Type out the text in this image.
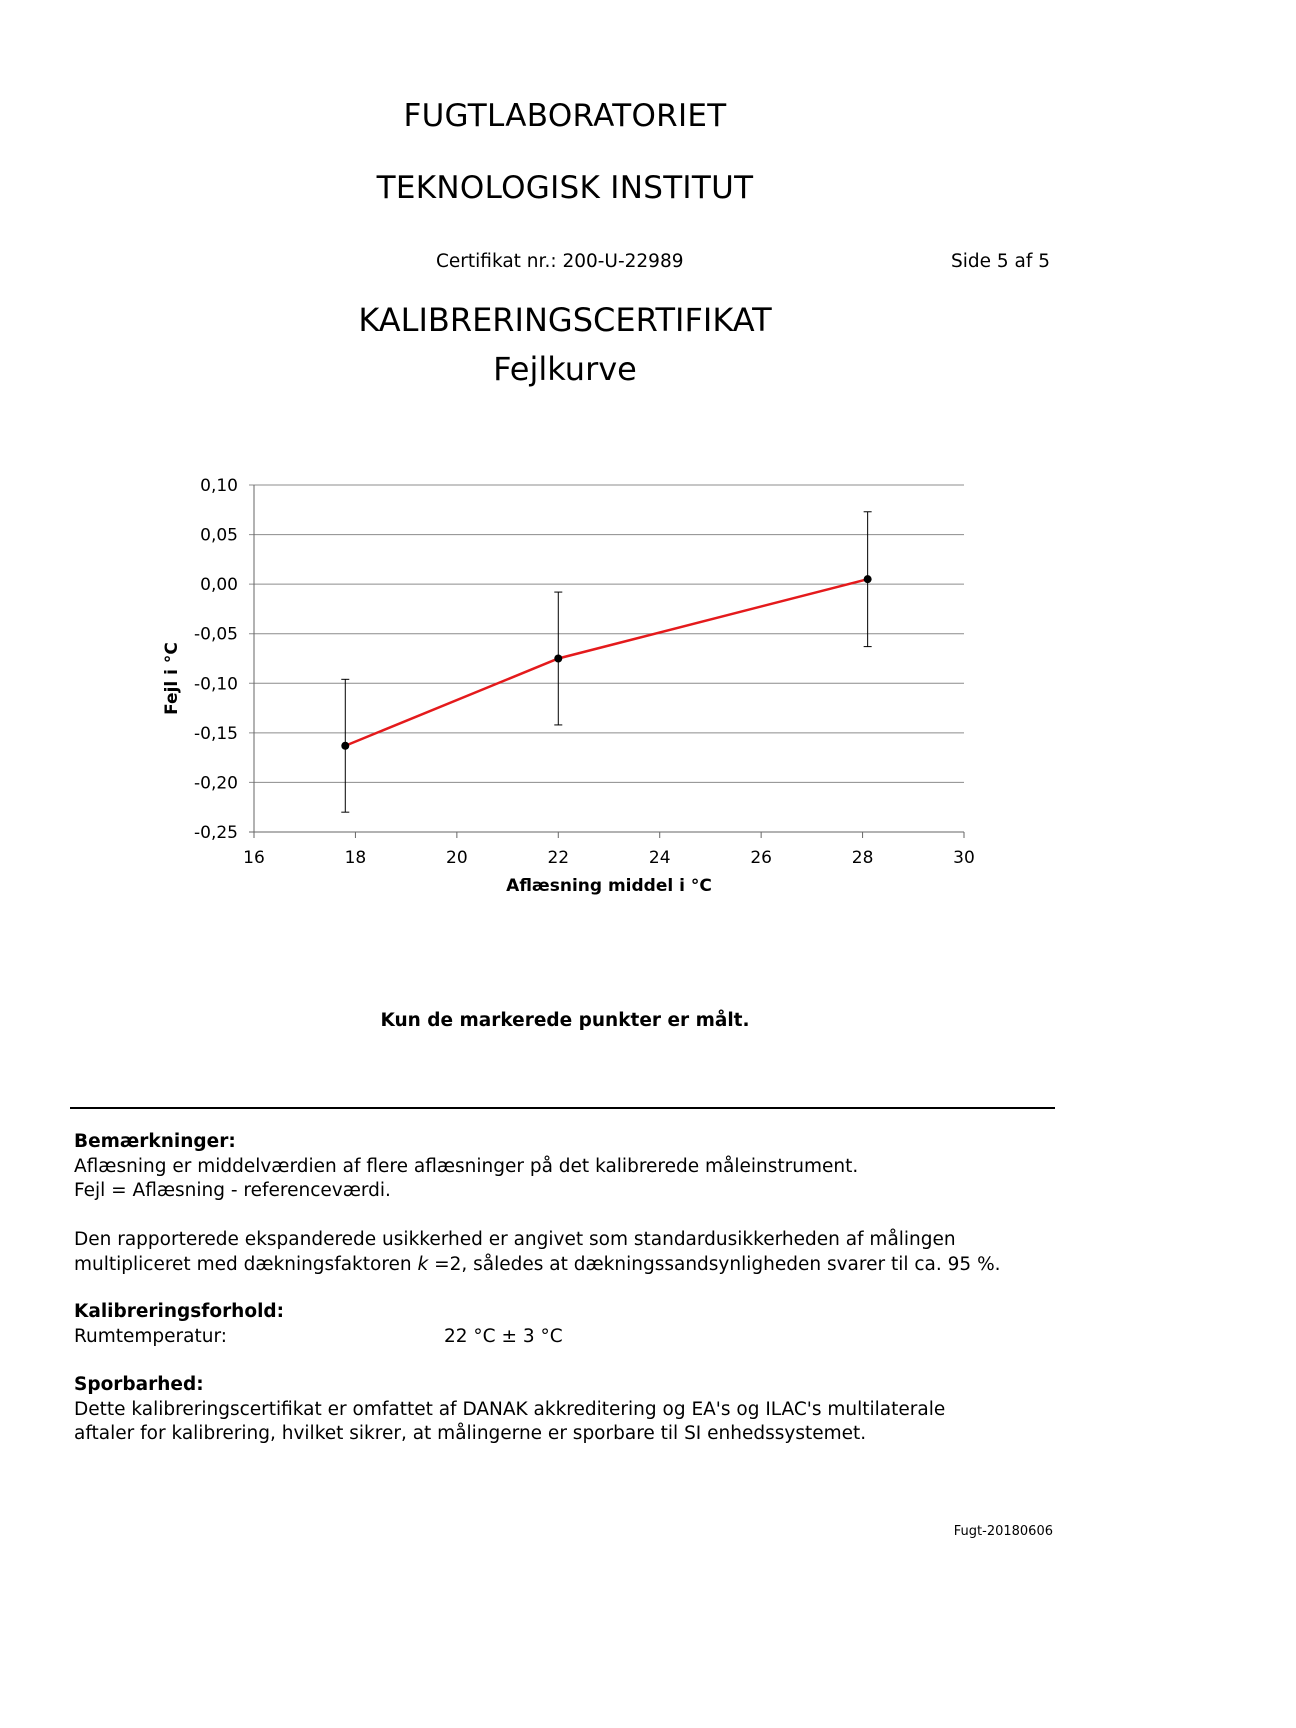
FUGTLABORATORIET
TEKNOLOGISK INSTITUT
Certifikat nr.: 200-U-22989	Side 5 af 5
KALIBRERINGSCERTIFIKAT
Fejlkurve
0,10
0,05
0,00
-0,05
-0,10
-0,15
-0,20
-0,25
16	18	20	22	24	26	28	30
Aflæsning middel i °C
Fejl i °C
Kun de markerede punkter er målt.
Bemærkninger:
Aflæsning er middelværdien af flere aflæsninger på det kalibrerede måleinstrument.
Fejl = Aflæsning - referenceværdi.
Den rapporterede ekspanderede usikkerhed er angivet som standardusikkerheden af målingen
multipliceret med dækningsfaktoren k =2, således at dækningssandsynligheden svarer til ca. 95 %.
Kalibreringsforhold:
Rumtemperatur:	22 °C ± 3 °C
Sporbarhed:
Dette kalibreringscertifikat er omfattet af DANAK akkreditering og EA's og ILAC's multilaterale
aftaler for kalibrering, hvilket sikrer, at målingerne er sporbare til SI enhedssystemet.
Fugt-20180606
